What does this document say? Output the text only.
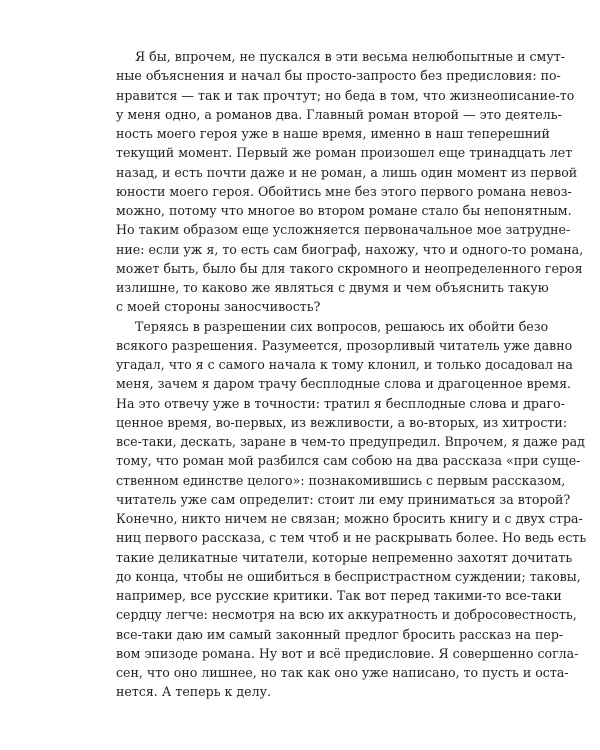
Я бы, впрочем, не пускался в эти весьма нелюбопытные и смут-
ные объяснения и начал бы просто-запросто без предисловия: по-
нравится — так и так прочтут; но беда в том, что жизнеописание-то
у меня одно, а романов два. Главный роман второй — это деятель-
ность моего героя уже в наше время, именно в наш теперешний
текущий момент. Первый же роман произошел еще тринадцать лет
назад, и есть почти даже и не роман, а лишь один момент из первой
юности моего героя. Обойтись мне без этого первого романа невоз-
можно, потому что многое во втором романе стало бы непонятным.
Но таким образом еще усложняется первоначальное мое затрудне-
ние: если уж я, то есть сам биограф, нахожу, что и одного-то романа,
может быть, было бы для такого скромного и неопределенного героя
излишне, то каково же являться с двумя и чем объяснить такую
с моей стороны заносчивость?
Теряясь в разрешении сих вопросов, решаюсь их обойти безо
всякого разрешения. Разумеется, прозорливый читатель уже давно
угадал, что я с самого начала к тому клонил, и только досадовал на
меня, зачем я даром трачу бесплодные слова и драгоценное время.
На это отвечу уже в точности: тратил я бесплодные слова и драго-
ценное время, во-первых, из вежливости, а во-вторых, из хитрости:
все-таки, дескать, заране в чем-то предупредил. Впрочем, я даже рад
тому, что роман мой разбился сам собою на два рассказа «при суще-
ственном единстве целого»: познакомившись с первым рассказом,
читатель уже сам определит: стоит ли ему приниматься за второй?
Конечно, никто ничем не связан; можно бросить книгу и с двух стра-
ниц первого рассказа, с тем чтоб и не раскрывать более. Но ведь есть
такие деликатные читатели, которые непременно захотят дочитать
до конца, чтобы не ошибиться в беспристрастном суждении; таковы,
например, все русские критики. Так вот перед такими-то все-таки
сердцу легче: несмотря на всю их аккуратность и добросовестность,
все-таки даю им самый законный предлог бросить рассказ на пер-
вом эпизоде романа. Ну вот и всё предисловие. Я совершенно согла-
сен, что оно лишнее, но так как оно уже написано, то пусть и оста-
нется. А теперь к делу.
